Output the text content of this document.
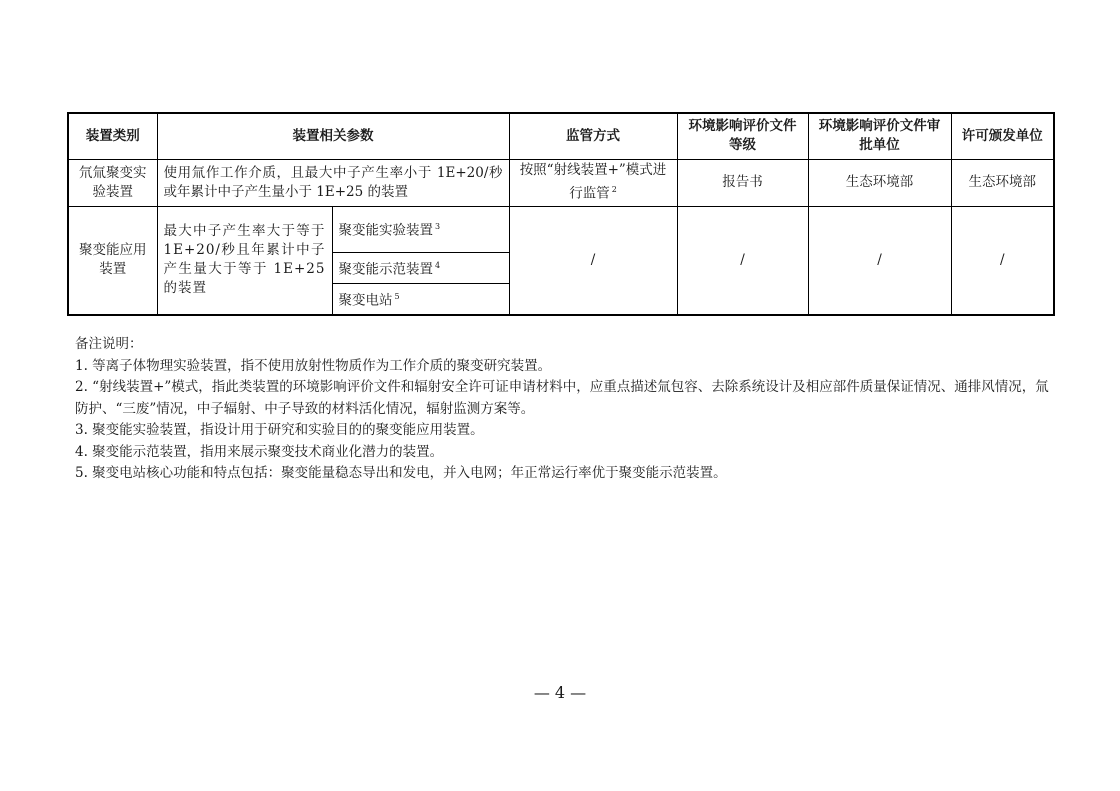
装置类别	装置相关参数		监管方式	环境影响评价文件等级	环境影响评价文件审批单位	许可颁发单位
氘氚聚变实验装置	使用氚作工作介质，且最大中子产生率小于 1E+20/秒或年累计中子产生量小于 1E+25 的装置		按照“射线装置+”模式进行监管 $^2$	报告书	生态环境部	生态环境部
聚变能应用装置	最大中子产生率大于等于 1E+20/秒且年累计中子产生量大于等于 1E+25 的装置	聚变能实验装置 $^3$	/	/	/	/
		聚变能示范装置 $^4$
		聚变电站 $^5$

备注说明：

1. 等离子体物理实验装置，指不使用放射性物质作为工作介质的聚变研究装置。

2. “射线装置+”模式，指此类装置的环境影响评价文件和辐射安全许可证申请材料中，应重点描述氚包容、去除系统设计及相应部件质量保证情况、通排风情况，氚防护、“三废”情况，中子辐射、中子导致的材料活化情况，辐射监测方案等。

3. 聚变能实验装置，指设计用于研究和实验目的的聚变能应用装置。

4. 聚变能示范装置，指用来展示聚变技术商业化潜力的装置。

5. 聚变电站核心功能和特点包括：聚变能量稳态导出和发电，并入电网；年正常运行率优于聚变能示范装置。

— 4 —
